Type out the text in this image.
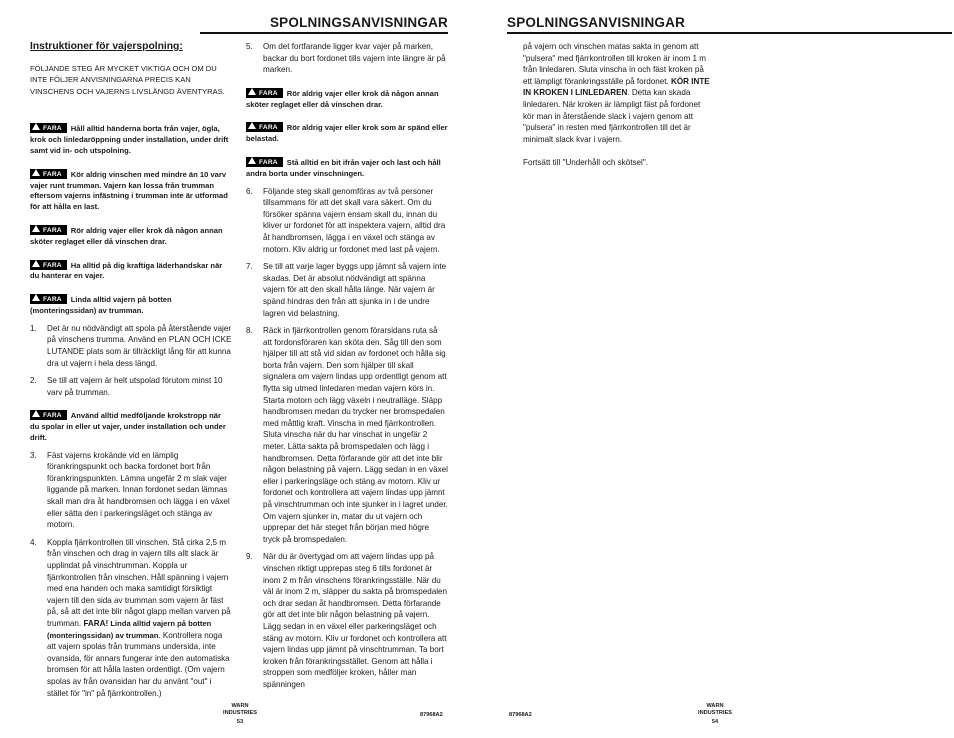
SPOLNINGSANVISNINGAR

Instruktioner för vajerspolning:

FÖLJANDE STEG ÄR MYCKET VIKTIGA OCH OM DU INTE FÖLJER ANVISNINGARNA PRECIS KAN VINSCHENS OCH VAJERNS LIVSLÄNGD ÄVENTYRAS.

FARA Håll alltid händerna borta från vajer, ögla, krok och linledaröppning under installation, under drift samt vid in- och utspolning.

FARA Kör aldrig vinschen med mindre än 10 varv vajer runt trumman. Vajern kan lossa från trumman eftersom vajerns infästning i trumman inte är utformad för att hålla en last.

FARA Rör aldrig vajer eller krok då någon annan sköter reglaget eller då vinschen drar.

FARA Ha alltid på dig kraftiga läderhandskar när du hanterar en vajer.

FARA Linda alltid vajern på botten (monteringssidan) av trumman.

1. Det är nu nödvändigt att spola på återstående vajer på vinschens trumma. Använd en PLAN OCH ICKE LUTANDE plats som är tillräckligt lång för att kunna dra ut vajern i hela dess längd.

2. Se till att vajern är helt utspolad förutom minst 10 varv på trumman.

FARA Använd alltid medföljande krokstropp när du spolar in eller ut vajer, under installation och under drift.

3. Fäst vajerns krokände vid en lämplig förankringspunkt och backa fordonet bort från förankringspunkten. Lämna ungefär 2 m slak vajer liggande på marken. Innan fordonet sedan lämnas skall man dra åt handbromsen och lägga i en växel eller sätta den i parkeringsläget och stänga av motorn.

4. Koppla fjärrkontrollen till vinschen. Stå cirka 2,5 m från vinschen och drag in vajern tills allt slack är upplindat på vinschtrumman. Koppla ur fjärrkontrollen från vinschen. Håll spänning i vajern med ena handen och maka samtidigt försiktigt vajern till den sida av trumman som vajern är fäst på, så att det inte blir något glapp mellan varven på trumman. FARA! Linda alltid vajern på botten (monteringssidan) av trumman. Kontrollera noga att vajern spolas från trummans undersida, inte ovansida, för annars fungerar inte den automatiska bromsen för att hålla lasten ordentligt. (Om vajern spolas av från ovansidan har du använt "out" i stället för "in" på fjärrkontrollen.)

5. Om det fortfarande ligger kvar vajer på marken, backar du bort fordonet tills vajern inte längre är på marken.

FARA Rör aldrig vajer eller krok då någon annan sköter reglaget eller då vinschen drar.

FARA Rör aldrig vajer eller krok som är spänd eller belastad.

FARA Stå alltid en bit ifrån vajer och last och håll andra borta under vinschningen.

6. Följande steg skall genomföras av två personer tillsammans för att det skall vara säkert. Om du försöker spänna vajern ensam skall du, innan du kliver ur fordonet för att inspektera vajern, alltid dra åt handbromsen, lägga i en växel och stänga av motorn. Kliv aldrig ur fordonet med last på vajern.

7. Se till att varje lager byggs upp jämnt så vajern inte skadas. Det är absolut nödvändigt att spänna vajern för att den skall hålla länge. När vajern är spänd hindras den från att sjunka in i de undre lagren vid belastning.

8. Räck in fjärrkontrollen genom förarsidans ruta så att fordonsföraren kan sköta den. Såg till den som hjälper till att stå vid sidan av fordonet och hålla sig borta från vajern. Den som hjälper till skall signalera om vajern lindas upp ordentligt genom att flytta sig utmed linledaren medan vajern körs in. Starta motorn och lägg växeln i neutralläge. Släpp handbromsen medan du trycker ner bromspedalen med måttlig kraft. Vinscha in med fjärrkontrollen. Sluta vinscha när du har vinschat in ungefär 2 meter. Lätta sakta på bromspedalen och lägg i handbromsen. Detta förfarande gör att det inte blir någon belastning på vajern. Lägg sedan in en växel eller i parkeringsläge och stäng av motorn. Kliv ur fordonet och kontrollera att vajern lindas upp jämnt på vinschtrumman och inte sjunker in i lagret under. Om vajern sjunker in, matar du ut vajern och upprepar det här steget från början med högre tryck på bromspedalen.

9. När du är övertygad om att vajern lindas upp på vinschen riktigt upprepas steg 6 tills fordonet är inom 2 m från vinschens förankringsställe. När du väl är inom 2 m, släpper du sakta på bromspedalen och drar sedan åt handbromsen. Detta förfarande gör att det inte blir någon belastning på vajern. Lägg sedan in en växel eller parkeringsläget och stäng av motorn. Kliv ur fordonet och kontrollera att vajern lindas upp jämnt på vinschtrumman. Ta bort kroken från förankringsstället. Genom att hålla i stroppen som medföljer kroken, håller man spänningen

WARN INDUSTRIES
53
87968A2
SPOLNINGSANVISNINGAR

på vajern och vinschen matas sakta in genom att "pulsera" med fjärrkontrollen till kroken är inom 1 m från linledaren. Sluta vinscha in och fäst kroken på ett lämpligt förankringsställe på fordonet. KÖR INTE IN KROKEN I LINLEDAREN. Detta kan skada linledaren. När kroken är lämpligt fäst på fordonet kör man in återstående slack i vajern genom att "pulsera" in resten med fjärrkontrollen till det är minimalt slack kvar i vajern.

Fortsätt till "Underhåll och skötsel".

87968A2
WARN INDUSTRIES
54
